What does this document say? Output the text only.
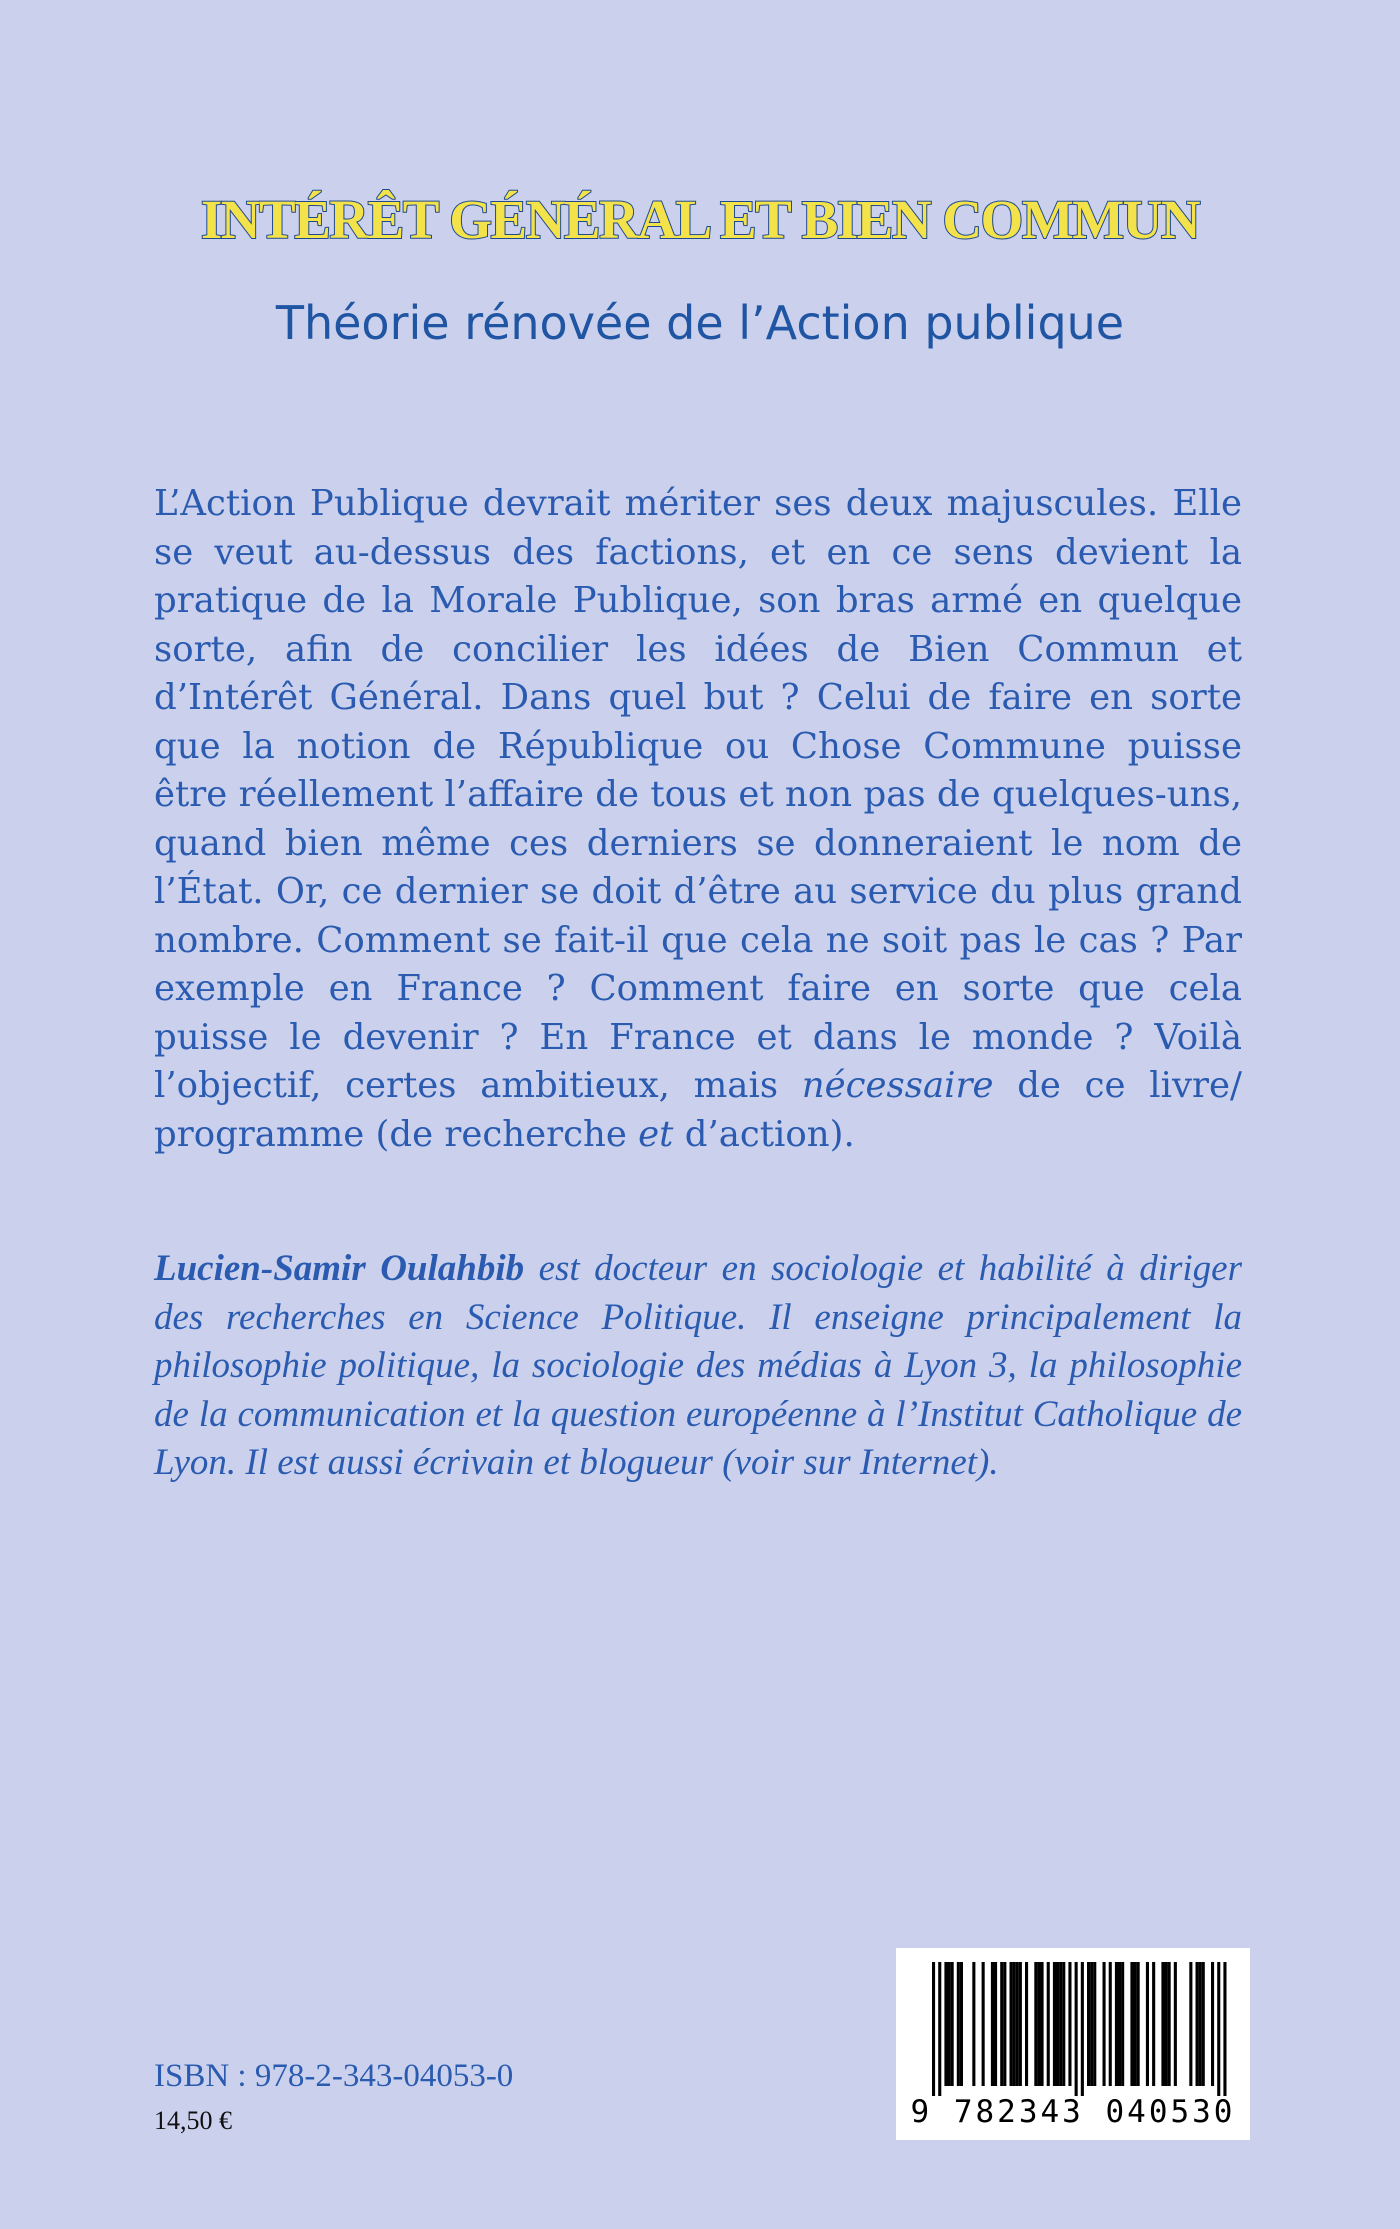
INTÉRÊT GÉNÉRAL ET BIEN COMMUN
Théorie rénovée de l’Action publique

L’Action Publique devrait mériter ses deux majuscules. Elle se veut au-dessus des factions, et en ce sens devient la pratique de la Morale Publique, son bras armé en quelque sorte, afin de concilier les idées de Bien Commun et d’Intérêt Général. Dans quel but ? Celui de faire en sorte que la notion de République ou Chose Commune puisse être réellement l’affaire de tous et non pas de quelques-uns, quand bien même ces derniers se donneraient le nom de l’État. Or, ce dernier se doit d’être au service du plus grand nombre. Comment se fait-il que cela ne soit pas le cas ? Par exemple en France ? Comment faire en sorte que cela puisse le devenir ? En France et dans le monde ? Voilà l’objectif, certes ambitieux, mais nécessaire de ce livre/ programme (de recherche et d’action).

Lucien-Samir Oulahbib est docteur en sociologie et habilité à diriger des recherches en Science Politique. Il enseigne principalement la philosophie politique, la sociologie des médias à Lyon 3, la philosophie de la communication et la question européenne à l’Institut Catholique de Lyon. Il est aussi écrivain et blogueur (voir sur Internet).

ISBN : 978-2-343-04053-0
14,50 €	9 782343 040530
